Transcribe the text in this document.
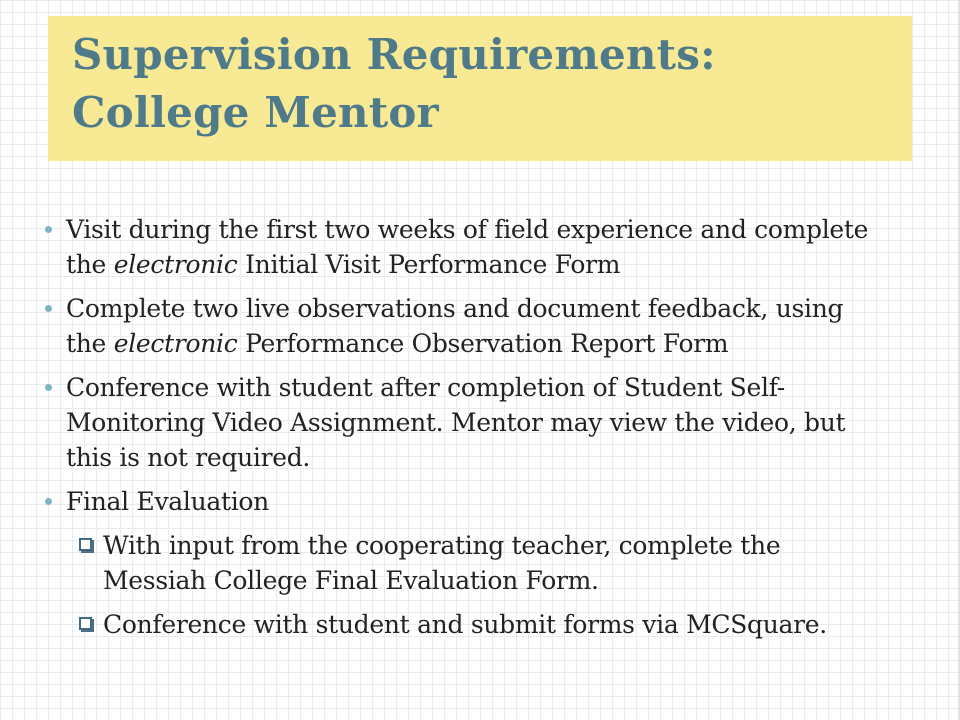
Supervision Requirements:
College Mentor
Visit during the first two weeks of field experience and complete the electronic Initial Visit Performance Form
Complete two live observations and document feedback, using the electronic Performance Observation Report Form
Conference with student after completion of Student Self-Monitoring Video Assignment. Mentor may view the video, but this is not required.
Final Evaluation
With input from the cooperating teacher, complete the Messiah College Final Evaluation Form.
Conference with student and submit forms via MCSquare.
